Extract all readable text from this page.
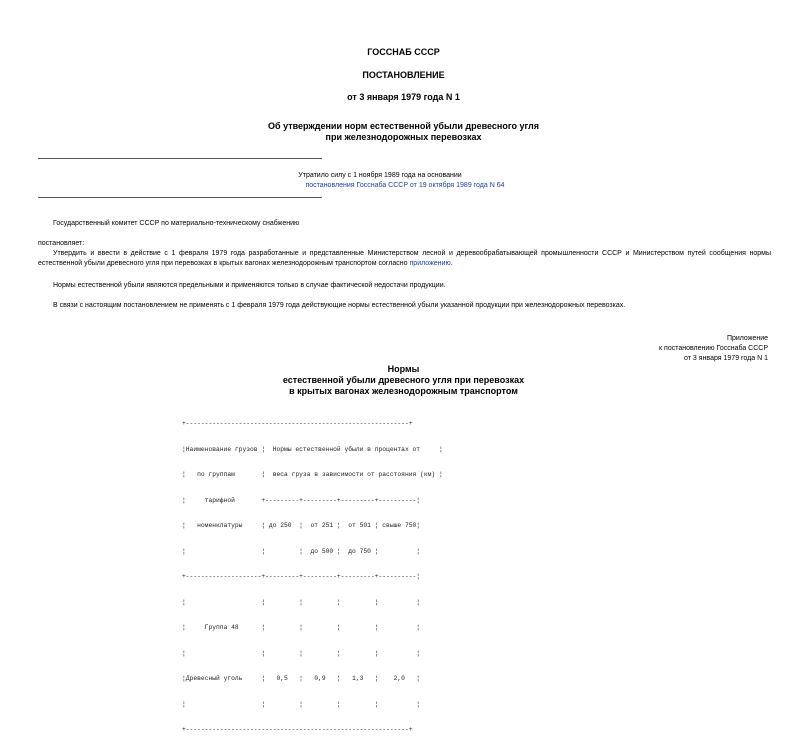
ГОССНАБ СССР
ПОСТАНОВЛЕНИЕ
от 3 января 1979 года N 1
Об утверждении норм естественной убыли древесного угля
при железнодорожных перевозках
Утратило силу с 1 ноября 1989 года на основании
постановления Госснаба СССР от 19 октября 1989 года N 64
Государственный комитет СССР по материально-техническому снабжению
постановляет:
Утвердить и ввести в действие с 1 февраля 1979 года разработанные и представленные Министерством лесной и деревообрабатывающей промышленности СССР и Министерством путей сообщения нормы естественной убыли древесного угля при перевозках в крытых вагонах железнодорожным транспортом согласно приложению.
Нормы естественной убыли являются предельными и применяются только в случае фактической недостачи продукции.
В связи с настоящим постановлением не применять с 1 февраля 1979 года действующие нормы естественной убыли указанной продукции при железнодорожных перевозках.
Приложение
к постановлению Госснаба СССР
от 3 января 1979 года N 1
Нормы
естественной убыли древесного угля при перевозках
в крытых вагонах железнодорожным транспортом

+-----------------------------------------------------------+

¦Наименование грузов ¦  Нормы естественной убыли в процентах от     ¦

¦   по группам       ¦  веса груза в зависимости от расстояния (км) ¦

¦     тарифной       +---------+---------+---------+----------¦

¦   номенклатуры     ¦ до 250  ¦  от 251 ¦  от 501 ¦ свыше 750¦

¦                    ¦         ¦  до 500 ¦  до 750 ¦          ¦

+--------------------+---------+---------+---------+----------¦

¦                    ¦         ¦         ¦         ¦          ¦

¦     Группа 48      ¦         ¦         ¦         ¦          ¦

¦                    ¦         ¦         ¦         ¦          ¦

¦Древесный уголь     ¦   0,5   ¦   0,9   ¦   1,3   ¦    2,0   ¦

¦                    ¦         ¦         ¦         ¦          ¦

+-----------------------------------------------------------+
